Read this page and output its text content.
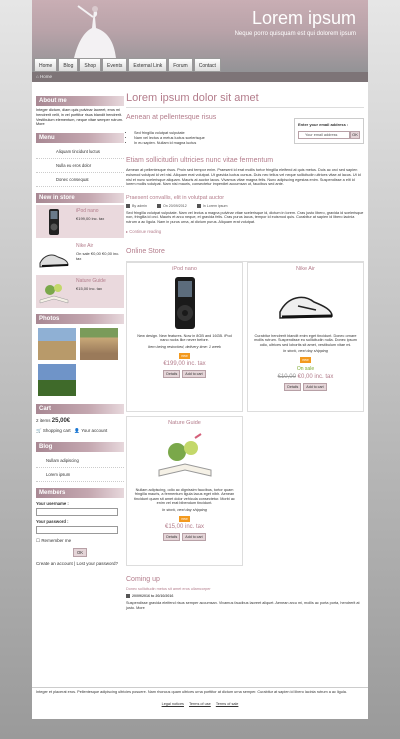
Lorem ipsum
Neque porro quisquam est qui dolorem ipsum
Home	Blog	Shop	Events	External Link	Forum	Contact
⌂ Home
About me
Integer dictum, diam quis pulvinar laoreet, eros mi hendrerit velit, in vel porttitor risus blandit hendrerit. Vestibulum elementum, neque vitae semper rutrum. More
Menu
Aliquam tincidunt luctus
Nulla eu eros dolor
Donec consequat
New in store
iPod nano
€199,00 inc. tax
Nike Air
On sale €0,00 €0,00 inc. tax
Nature Guide
€15,00 inc. tax
Photos
Cart
2 items 25,00€
🛒 Shopping cart 👤 Your account
Blog
Nullam adipiscing
Lorem ipsum
Members
Your username :
Your password :
☐ Remember me
OK
Create an account | Lost your password?
Lorem ipsum dolor sit amet
Aenean at pellentesque risus
• Sed fringilla volutpat vulputate
• Nam vel lectus a metus luctus scelerisque
• In eu sapien. Nullam id magna luctus
Enter your email address :
Your email address	OK
Etiam sollicitudin ultricies nunc vitae fermentum
Aenean at pellentesque risus. Proin sed tempor enim. Praesent id erat mollis tortor fringilla eleifend at quis metus. Duis ac orci sed sapien euismod volutpat id vel nisl. Aliquam erat volutpat. Ut gravida luctus cursus. Duis nec tellus vel neque sollicitudin ultrices vitae at lacus. Ut id nisl et nunc scelerisque aliquam. Mauris at auctor lacus. Vivamus vitae magna felis. Nunc adipiscing egestas enim. Suspendisse a elit id lorem mollis volutpat. Nam nisi mauris, consectetur imperdiet accumsan ut, faucibus sed ante.
Praesent convallis, elit in volutpat auctor
By admin	On 20/09/2012	In Lorem ipsum
Sed fringilla volutpat vulputate. Nam vel lectus a magna pulvinar vitae scelerisque id, dictum in lorem. Cras justo libero, gravida id scelerisque non, fringilla id orci. Mauris et arcu neque, et gravida felis. Cras purus lacus, tempor id euismod quis. Curabitur at sapien id libero lacinia rutrum a ac ligula. Nam in purus urna, at dictum purus. Aliquam erat volutpat.
▸ Continue reading
Online Store
iPod nano
New design. New features. Now in 8GB and 16GB. iPod nano rocks like never before.
Item being restocked, delivery time: 1 week
new
€199,00 inc. tax
Details	Add to cart
Nike Air
Curabitur hendrerit blandit enim eget tincidunt. Donec ornare mollis rutrum. Suspendisse eu sollicitudin nulla. Donec ipsum odio, ultrices sed lobortis sit amet, vestibulum vitae mi.
In stock, next day shipping
new
On sale
€10,00 €0,00 inc. tax
Details	Add to cart
Nature Guide
Nullam adipiscing, odio ac dignissim faucibus, tortor quam fringilla mauris, a fermentum ligula lacus eget nibh. Aenean tincidunt quam sit amet dolor vehicula consectetur. Morbi ac enim vel erat bibendum tincidunt.
In stock, next day shipping
new
€15,00 inc. tax
Details	Add to cart
Coming up
Donec sollicitudin metus sit amet eros ullamcorper
20/09/2016 to 20/10/2016
Suspendisse gravida eleifend risus semper accumsan. Vivamus faucibus laoreet aliquet. Aenean arcu mi, mollis ac porta porta, hendrerit at justo. More
Integer et placerat eros. Pellentesque adipiscing ultricies posuere. Nam rhoncus quam ultrices urna porttitor at dictum urna semper. Curabitur at sapien id libero lacinia rutrum a ac ligula.
Legal notices Terms of use Terms of sale
